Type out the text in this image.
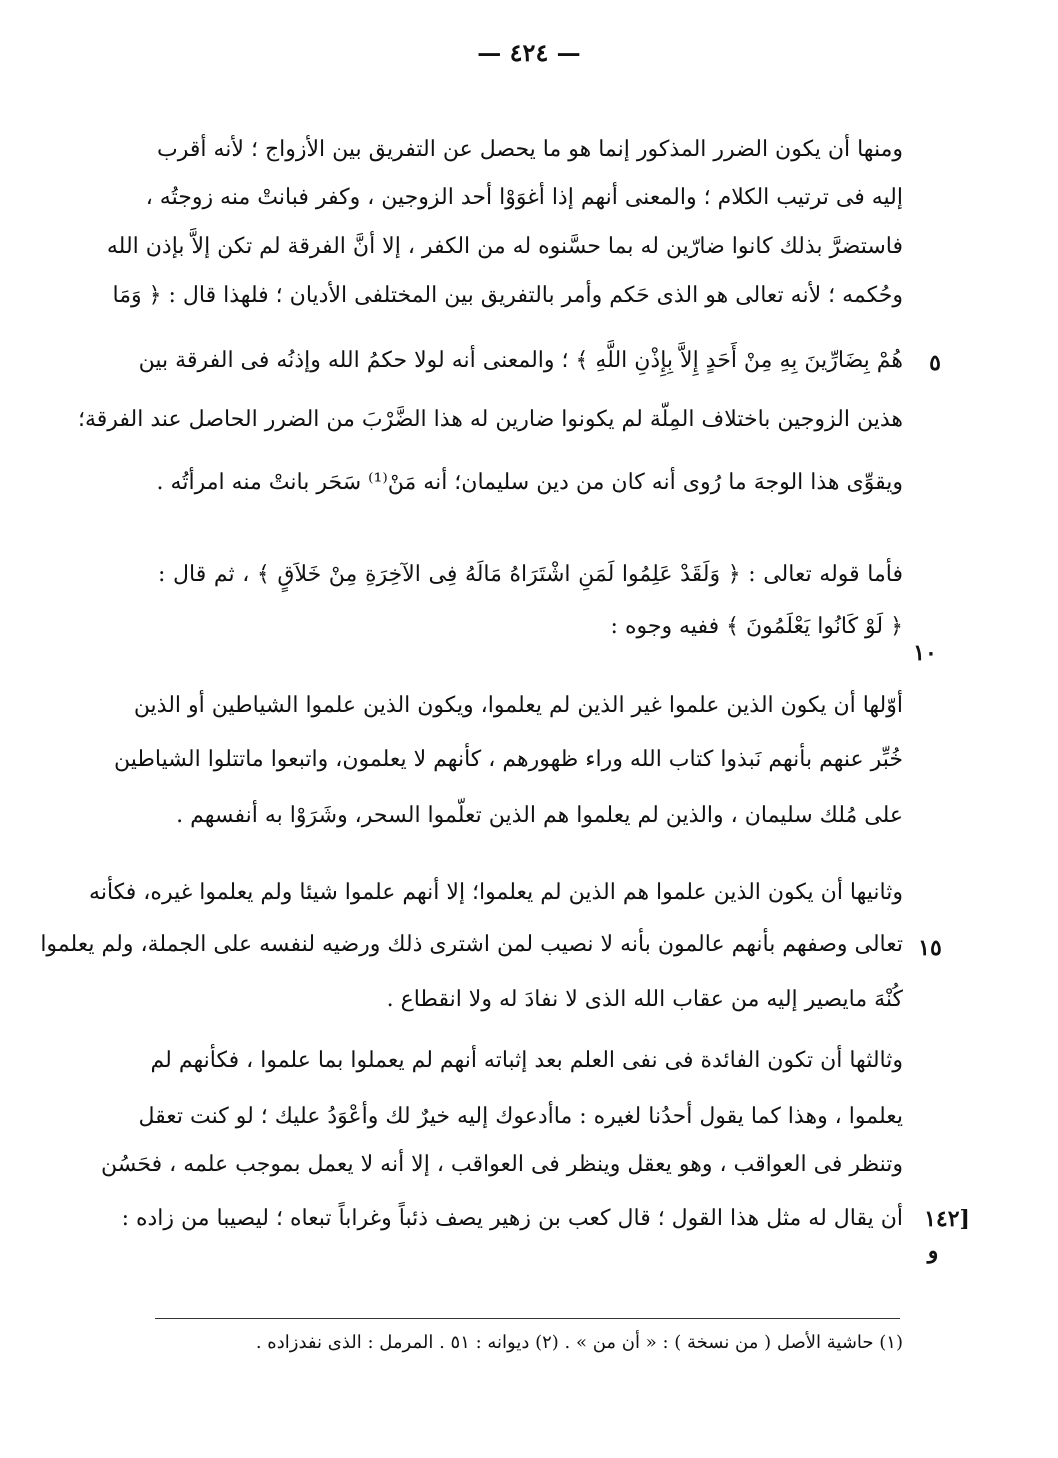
— ٤٢٤ —
ومنها أن يكون الضرر المذكور إنما هو ما يحصل عن التفريق بين الأزواج ؛ لأنه أقرب
إليه فى ترتيب الكلام ؛ والمعنى أنهم إذا أغوَوْا أحد الزوجين ، وكفر فبانتْ منه زوجتُه ،
فاستضرَّ بذلك كانوا ضارّين له بما حسَّنوه له من الكفر ، إلا أنَّ الفرقة لم تكن إلاَّ بإذن الله
وحُكمه ؛ لأنه تعالى هو الذى حَكم وأمر بالتفريق بين المختلفى الأديان ؛ فلهذا قال : ﴿ وَمَا
هُمْ بِضَارِّينَ بِهِ مِنْ أَحَدٍ إِلاَّ بِإِذْنِ اللَّهِ ﴾ ؛ والمعنى أنه لولا حكمُ الله وإذنُه فى الفرقة بين
هذين الزوجين باختلاف المِلّة لم يكونوا ضارين له هذا الضَّرْبَ من الضرر الحاصل عند الفرقة؛
ويقوِّى هذا الوجهَ ما رُوى أنه كان من دين سليمان؛ أنه مَنْ⁽¹⁾ سَحَر بانتْ منه امرأتُه .
فأما قوله تعالى : ﴿ وَلَقَدْ عَلِمُوا لَمَنِ اشْتَرَاهُ مَالَهُ فِى الآخِرَةِ مِنْ خَلاَقٍ ﴾ ، ثم قال :
﴿ لَوْ كَانُوا يَعْلَمُونَ ﴾ ففيه وجوه :
أوّلها أن يكون الذين علموا غير الذين لم يعلموا، ويكون الذين علموا الشياطين أو الذين
خُبِّر عنهم بأنهم نَبذوا كتاب الله وراء ظهورهم ، كأنهم لا يعلمون، واتبعوا ماتتلوا الشياطين
على مُلك سليمان ، والذين لم يعلموا هم الذين تعلّموا السحر، وشَرَوْا به أنفسهم .
وثانيها أن يكون الذين علموا هم الذين لم يعلموا؛ إلا أنهم علموا شيئا ولم يعلموا غيره، فكأنه
تعالى وصفهم بأنهم عالمون بأنه لا نصيب لمن اشترى ذلك ورضيه لنفسه على الجملة، ولم يعلموا
كُنْهَ مايصير إليه من عقاب الله الذى لا نفادَ له ولا انقطاع .
وثالثها أن تكون الفائدة فى نفى العلم بعد إثباته أنهم لم يعملوا بما علموا ، فكأنهم لم
يعلموا ، وهذا كما يقول أحدُنا لغيره : ماأدعوك إليه خيرٌ لك وأعْوَدُ عليك ؛ لو كنت تعقل
وتنظر فى العواقب ، وهو يعقل وينظر فى العواقب ، إلا أنه لا يعمل بموجب علمه ، فحَسُن
أن يقال له مثل هذا القول ؛ قال كعب بن زهير يصف ذئباً وغراباً تبعاه ؛ ليصيبا من زاده :
٥
١٠
١٥
[١٤٢
و
(١) حاشية الأصل ( من نسخة ) : « أن من » . (٢) ديوانه : ٥١ . المرمل : الذى نفدزاده .
